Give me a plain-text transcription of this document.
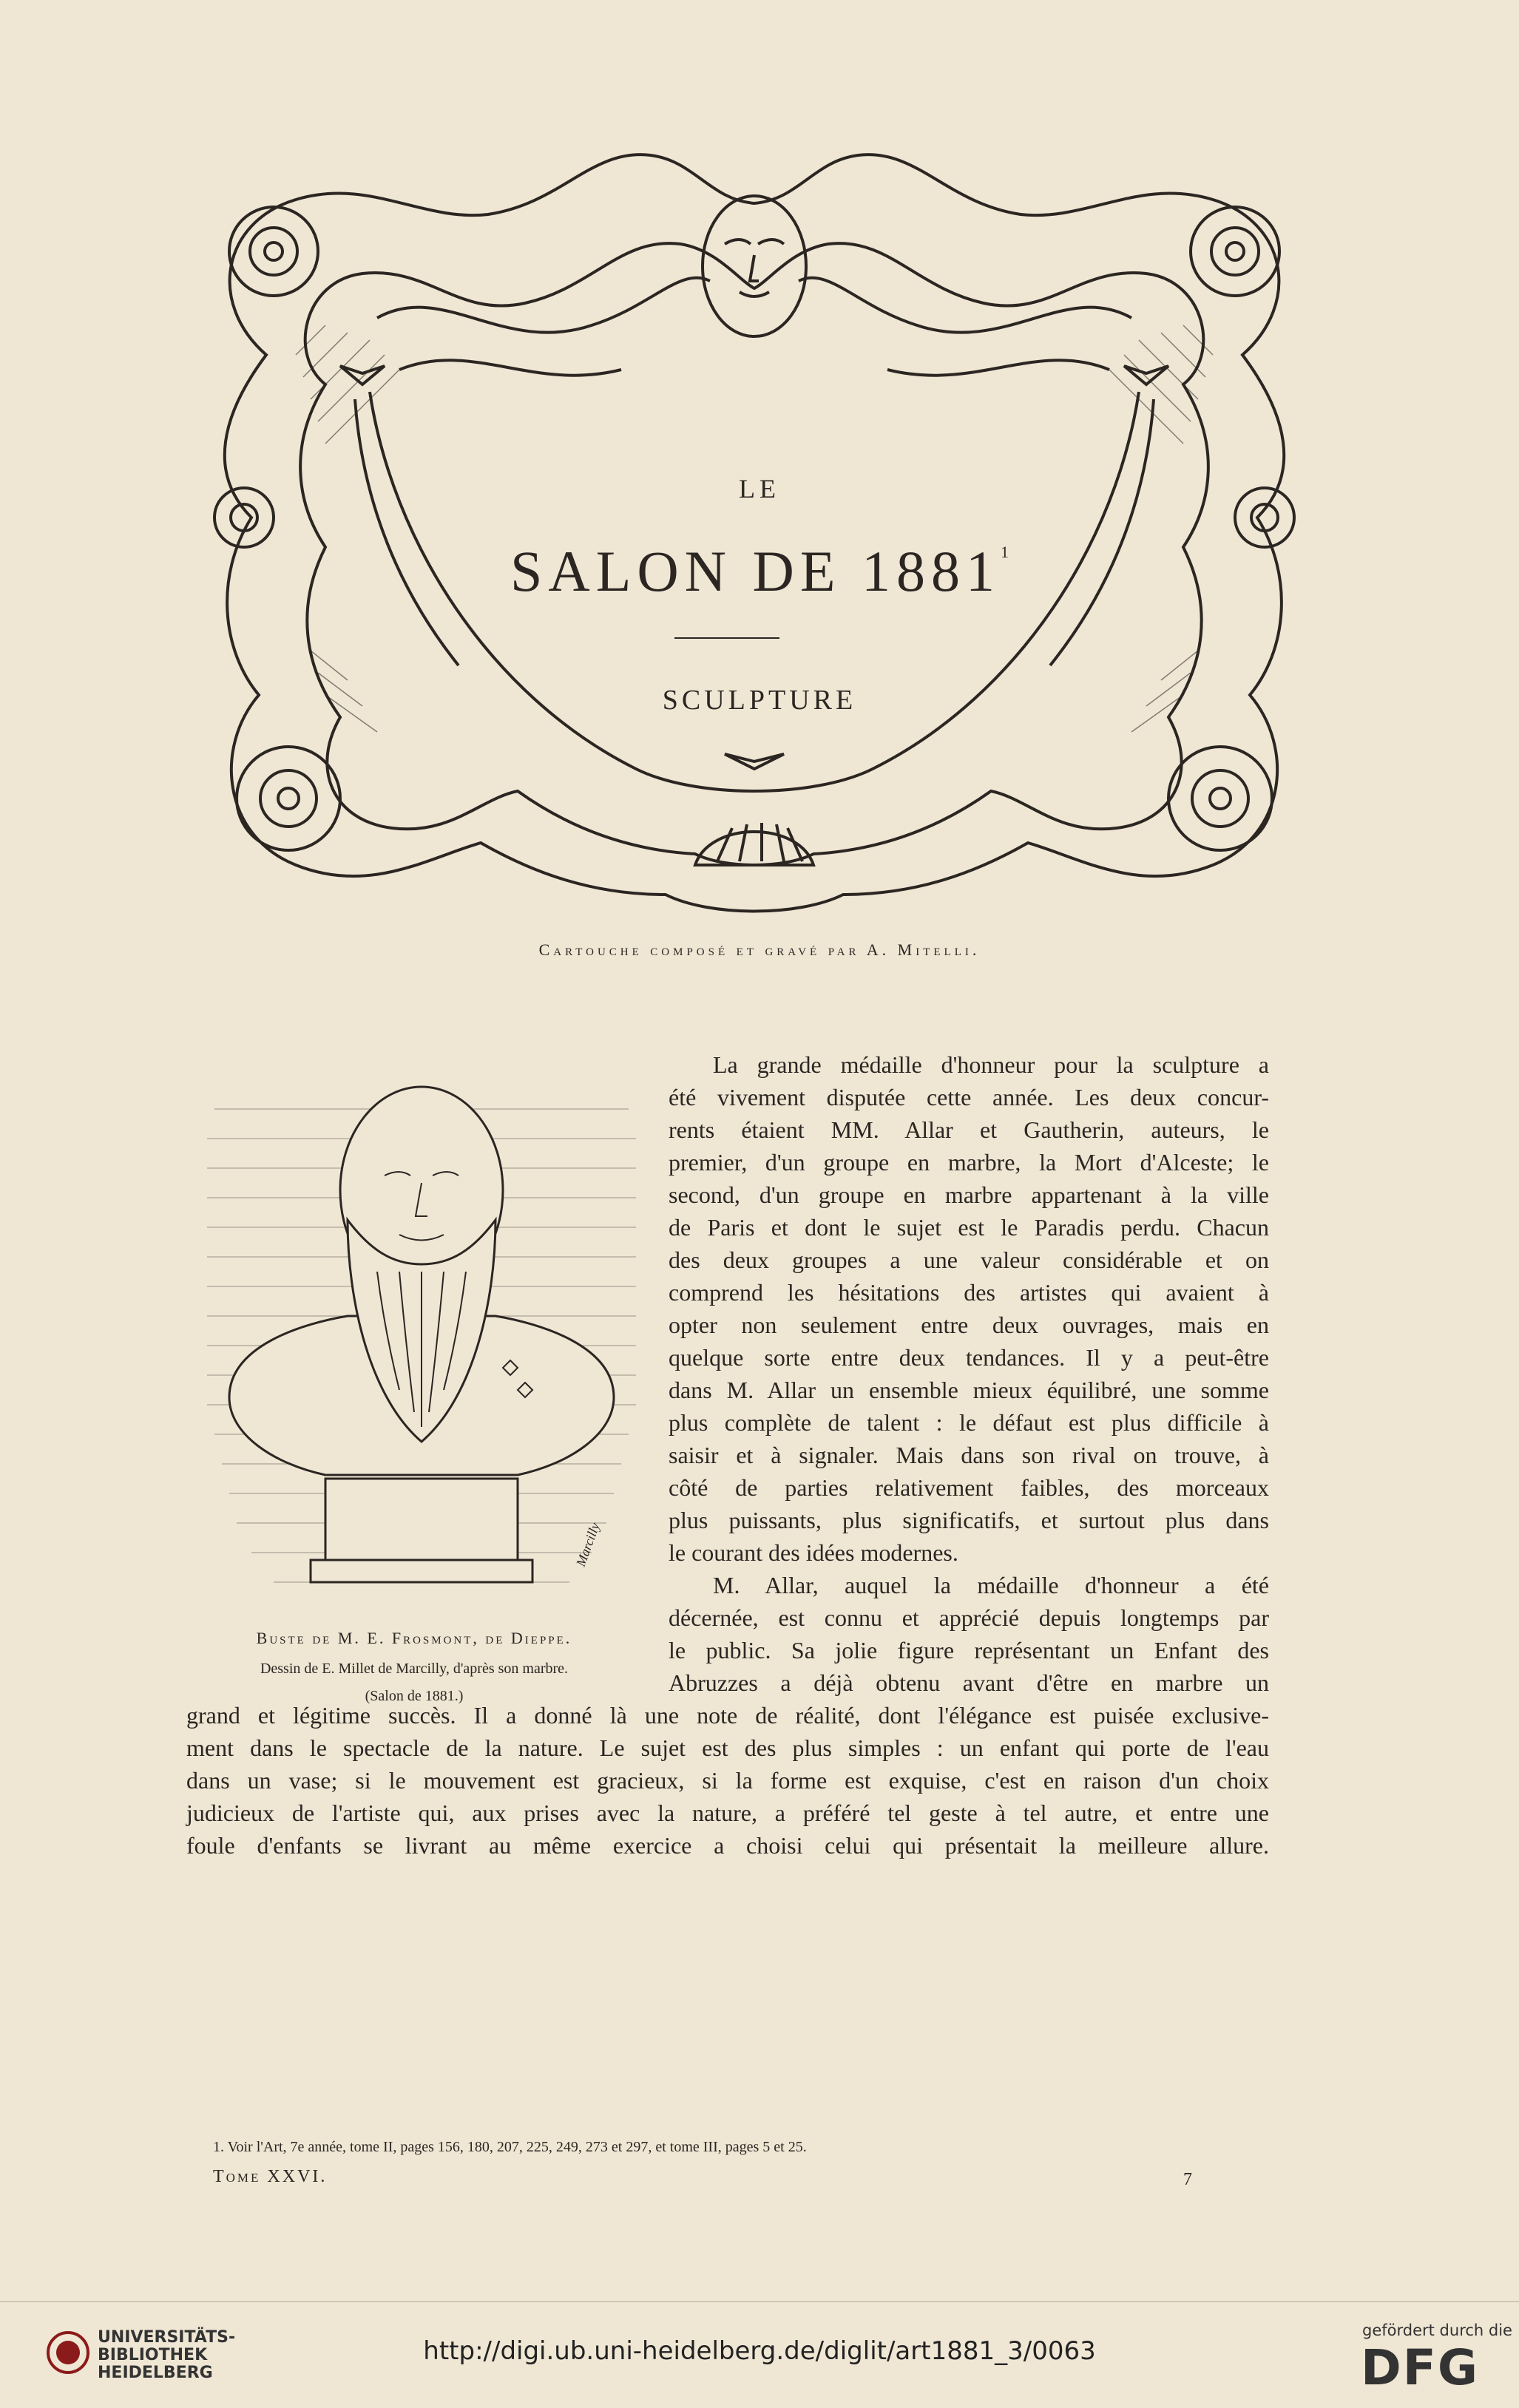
LE
SALON DE 1881$^1$
SCULPTURE
Cartouche composé et gravé par A. Mitelli.
Marcilly
Buste de M. E. Frosmont, de Dieppe.
Dessin de E. Millet de Marcilly, d'après son marbre.
(Salon de 1881.)
La grande médaille d'honneur pour la sculpture a
été vivement disputée cette année. Les deux concur-
rents étaient MM. Allar et Gautherin, auteurs, le
premier, d'un groupe en marbre, la Mort d'Alceste; le
second, d'un groupe en marbre appartenant à la ville
de Paris et dont le sujet est le Paradis perdu. Chacun
des deux groupes a une valeur considérable et on
comprend les hésitations des artistes qui avaient à
opter non seulement entre deux ouvrages, mais en
quelque sorte entre deux tendances. Il y a peut-être
dans M. Allar un ensemble mieux équilibré, une somme
plus complète de talent : le défaut est plus difficile à
saisir et à signaler. Mais dans son rival on trouve, à
côté de parties relativement faibles, des morceaux
plus puissants, plus significatifs, et surtout plus dans
le courant des idées modernes.
M. Allar, auquel la médaille d'honneur a été
décernée, est connu et apprécié depuis longtemps par
le public. Sa jolie figure représentant un Enfant des
Abruzzes a déjà obtenu avant d'être en marbre un
grand et légitime succès. Il a donné là une note de réalité, dont l'élégance est puisée exclusive-
ment dans le spectacle de la nature. Le sujet est des plus simples : un enfant qui porte de l'eau
dans un vase; si le mouvement est gracieux, si la forme est exquise, c'est en raison d'un choix
judicieux de l'artiste qui, aux prises avec la nature, a préféré tel geste à tel autre, et entre une
foule d'enfants se livrant au même exercice a choisi celui qui présentait la meilleure allure.
1. Voir l'Art, 7e année, tome II, pages 156, 180, 207, 225, 249, 273 et 297, et tome III, pages 5 et 25.
Tome XXVI.	7
UNIVERSITÄTS-
BIBLIOTHEK
HEIDELBERG
http://digi.ub.uni-heidelberg.de/diglit/art1881_3/0063
gefördert durch die
DFG
